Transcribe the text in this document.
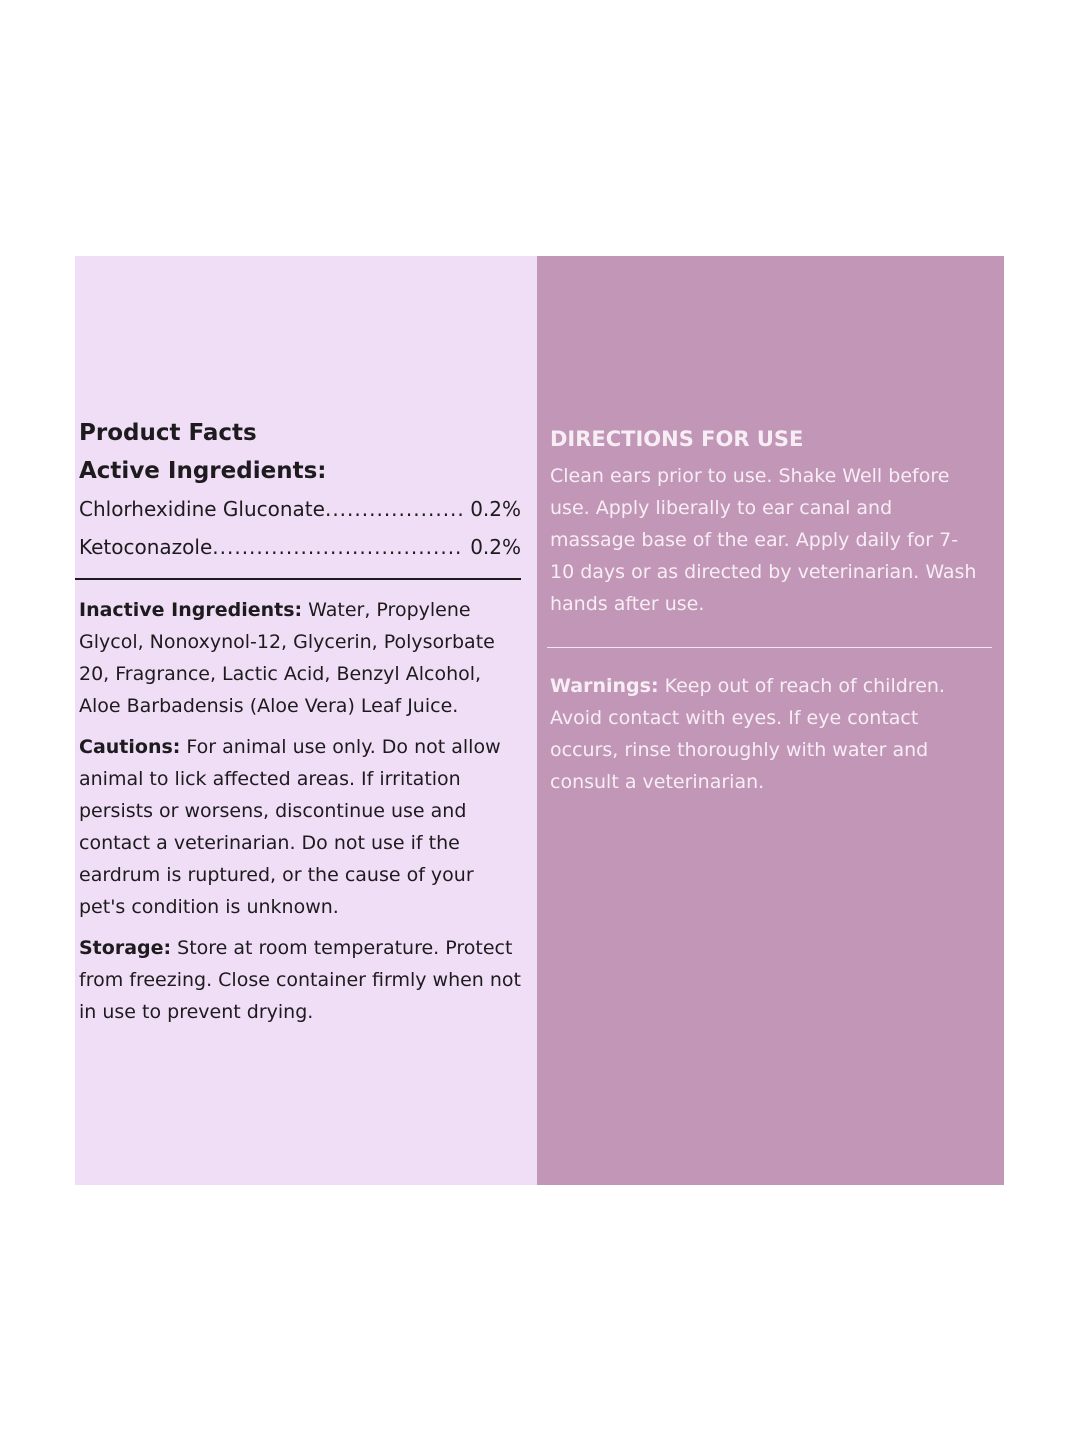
Product Facts
Active Ingredients:
Chlorhexidine Gluconate .....	0.2%
Ketoconazole .....	0.2%

Inactive Ingredients: Water, Propylene Glycol, Nonoxynol-12, Glycerin, Polysorbate 20, Fragrance, Lactic Acid, Benzyl Alcohol, Aloe Barbadensis (Aloe Vera) Leaf Juice.

Cautions: For animal use only. Do not allow animal to lick affected areas. If irritation persists or worsens, discontinue use and contact a veterinarian. Do not use if the eardrum is ruptured, or the cause of your pet's condition is unknown.

Storage: Store at room temperature. Protect from freezing. Close container firmly when not in use to prevent drying.

DIRECTIONS FOR USE

Clean ears prior to use. Shake Well before use. Apply liberally to ear canal and massage base of the ear. Apply daily for 7-10 days or as directed by veterinarian. Wash hands after use.

Warnings: Keep out of reach of children. Avoid contact with eyes. If eye contact occurs, rinse thoroughly with water and consult a veterinarian.
